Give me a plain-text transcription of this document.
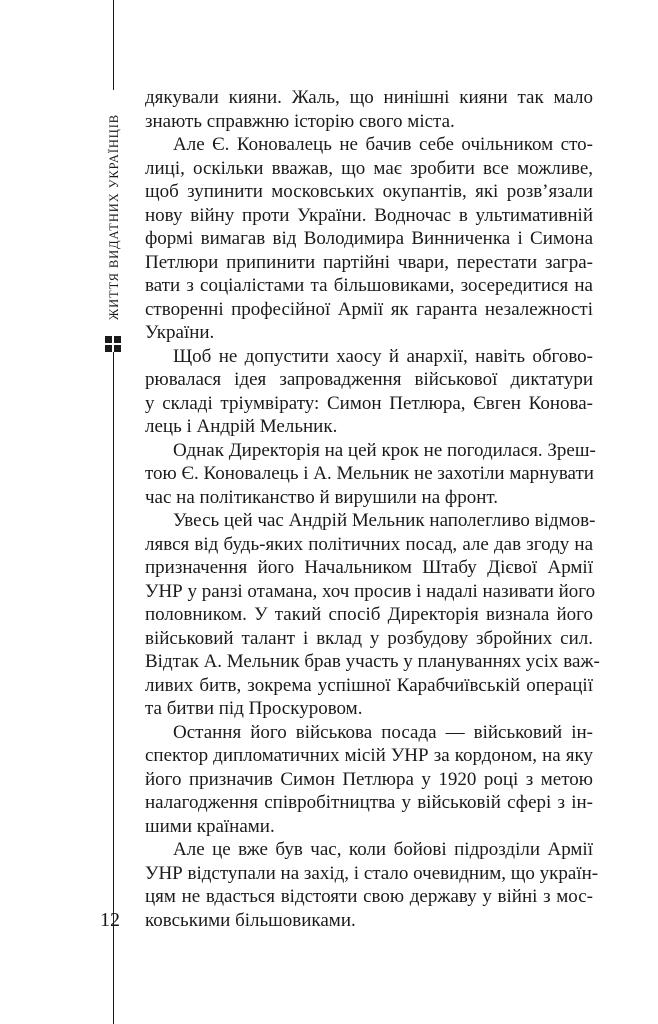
ЖИТТЯ ВИДАТНИХ УКРАЇНЦІВ
дякували кияни. Жаль, що нинішні кияни так мало
знають справжню історію свого міста.
Але Є. Коновалець не бачив себе очільником сто-
лиці, оскільки вважав, що має зробити все можливе,
щоб зупинити московських окупантів, які розв’язали
нову війну проти України. Водночас в ультимативній
формі вимагав від Володимира Винниченка і Симона
Петлюри припинити партійні чвари, перестати загра-
вати з соціалістами та більшовиками, зосередитися на
створенні професійної Армії як гаранта незалежності
України.
Щоб не допустити хаосу й анархії, навіть обгово-
рювалася ідея запровадження військової диктатури
у складі тріумвірату: Симон Петлюра, Євген Конова-
лець і Андрій Мельник.
Однак Директорія на цей крок не погодилася. Зреш-
тою Є. Коновалець і А. Мельник не захотіли марнувати
час на політиканство й вирушили на фронт.
Увесь цей час Андрій Мельник наполегливо відмов-
лявся від будь-яких політичних посад, але дав згоду на
призначення його Начальником Штабу Дієвої Армії
УНР у ранзі отамана, хоч просив і надалі називати його
половником. У такий спосіб Директорія визнала його
військовий талант і вклад у розбудову збройних сил.
Відтак А. Мельник брав участь у плануваннях усіх важ-
ливих битв, зокрема успішної Карабчиївській операції
та битви під Проскуровом.
Остання його військова посада — військовий ін-
спектор дипломатичних місій УНР за кордоном, на яку
його призначив Симон Петлюра у 1920 році з метою
налагодження співробітництва у військовій сфері з ін-
шими країнами.
Але це вже був час, коли бойові підрозділи Армії
УНР відступали на захід, і стало очевидним, що україн-
цям не вдасться відстояти свою державу у війні з мос-
ковськими більшовиками.
12
